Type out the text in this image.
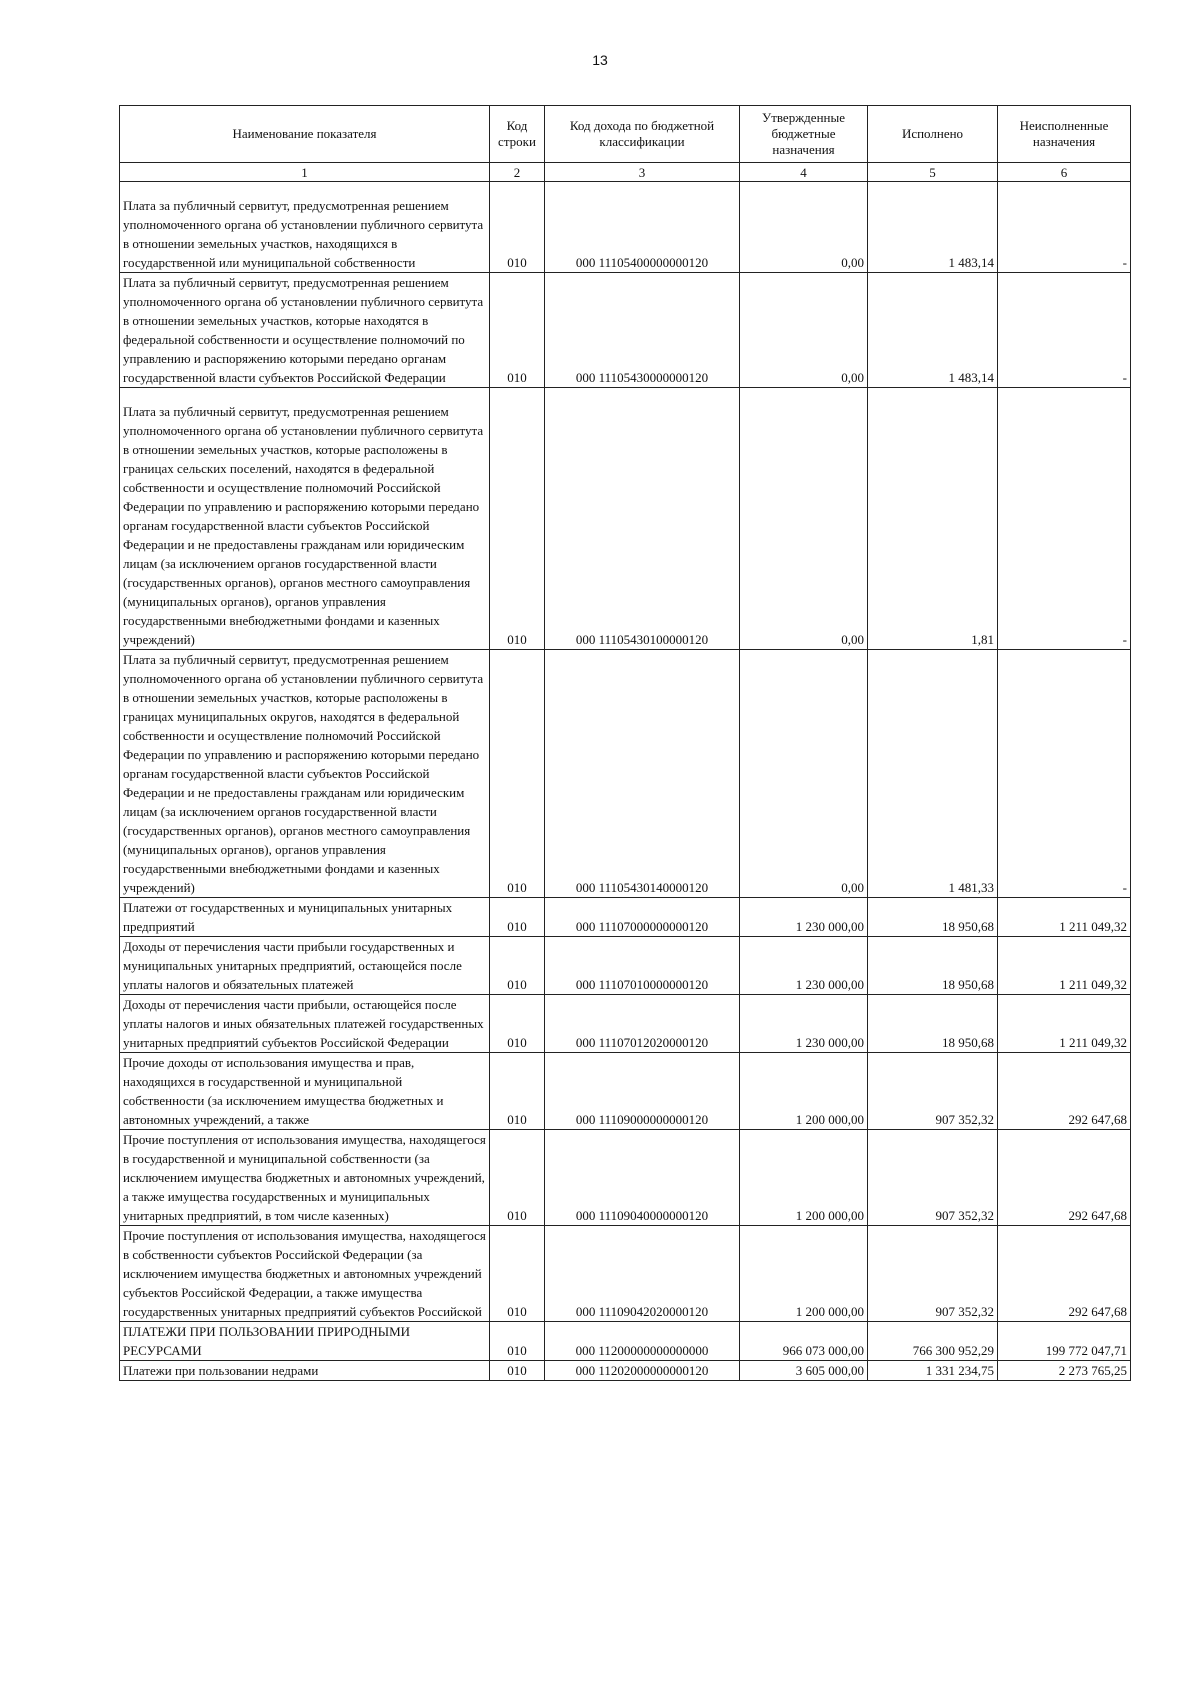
13
Наименование показателя	Код строки	Код дохода по бюджетной классификации	Утвержденные бюджетные назначения	Исполнено	Неисполненные назначения
1	2	3	4	5	6
Плата за публичный сервитут, предусмотренная решением уполномоченного органа об установлении публичного сервитута в отношении земельных участков, находящихся в государственной или муниципальной собственности	010	000 11105400000000120	0,00	1 483,14	-
Плата за публичный сервитут, предусмотренная решением уполномоченного органа об установлении публичного сервитута в отношении земельных участков, которые находятся в федеральной собственности и осуществление полномочий по управлению и распоряжению которыми передано органам государственной власти субъектов Российской Федерации	010	000 11105430000000120	0,00	1 483,14	-
Плата за публичный сервитут, предусмотренная решением уполномоченного органа об установлении публичного сервитута в отношении земельных участков, которые расположены в границах сельских поселений, находятся в федеральной собственности и осуществление полномочий Российской Федерации по управлению и распоряжению которыми передано органам государственной власти субъектов Российской Федерации и не предоставлены гражданам или юридическим лицам (за исключением органов государственной власти (государственных органов), органов местного самоуправления (муниципальных органов), органов управления государственными внебюджетными фондами и казенных учреждений)	010	000 11105430100000120	0,00	1,81	-
Плата за публичный сервитут, предусмотренная решением уполномоченного органа об установлении публичного сервитута в отношении земельных участков, которые расположены в границах муниципальных округов, находятся в федеральной собственности и осуществление полномочий Российской Федерации по управлению и распоряжению которыми передано органам государственной власти субъектов Российской Федерации и не предоставлены гражданам или юридическим лицам (за исключением органов государственной власти (государственных органов), органов местного самоуправления (муниципальных органов), органов управления государственными внебюджетными фондами и казенных учреждений)	010	000 11105430140000120	0,00	1 481,33	-
Платежи от государственных и муниципальных унитарных предприятий	010	000 11107000000000120	1 230 000,00	18 950,68	1 211 049,32
Доходы от перечисления части прибыли государственных и муниципальных унитарных предприятий, остающейся после уплаты налогов и обязательных платежей	010	000 11107010000000120	1 230 000,00	18 950,68	1 211 049,32
Доходы от перечисления части прибыли, остающейся после уплаты налогов и иных обязательных платежей государственных унитарных предприятий субъектов Российской Федерации	010	000 11107012020000120	1 230 000,00	18 950,68	1 211 049,32
Прочие доходы от использования имущества и прав, находящихся в государственной и муниципальной собственности (за исключением имущества бюджетных и автономных учреждений, а также	010	000 11109000000000120	1 200 000,00	907 352,32	292 647,68
Прочие поступления от использования имущества, находящегося в государственной и муниципальной собственности (за исключением имущества бюджетных и автономных учреждений, а также имущества государственных и муниципальных унитарных предприятий, в том числе казенных)	010	000 11109040000000120	1 200 000,00	907 352,32	292 647,68
Прочие поступления от использования имущества, находящегося в собственности субъектов Российской Федерации (за исключением имущества бюджетных и автономных учреждений субъектов Российской Федерации, а также имущества государственных унитарных предприятий субъектов Российской	010	000 11109042020000120	1 200 000,00	907 352,32	292 647,68
ПЛАТЕЖИ ПРИ ПОЛЬЗОВАНИИ ПРИРОДНЫМИ РЕСУРСАМИ	010	000 11200000000000000	966 073 000,00	766 300 952,29	199 772 047,71
Платежи при пользовании недрами	010	000 11202000000000120	3 605 000,00	1 331 234,75	2 273 765,25
